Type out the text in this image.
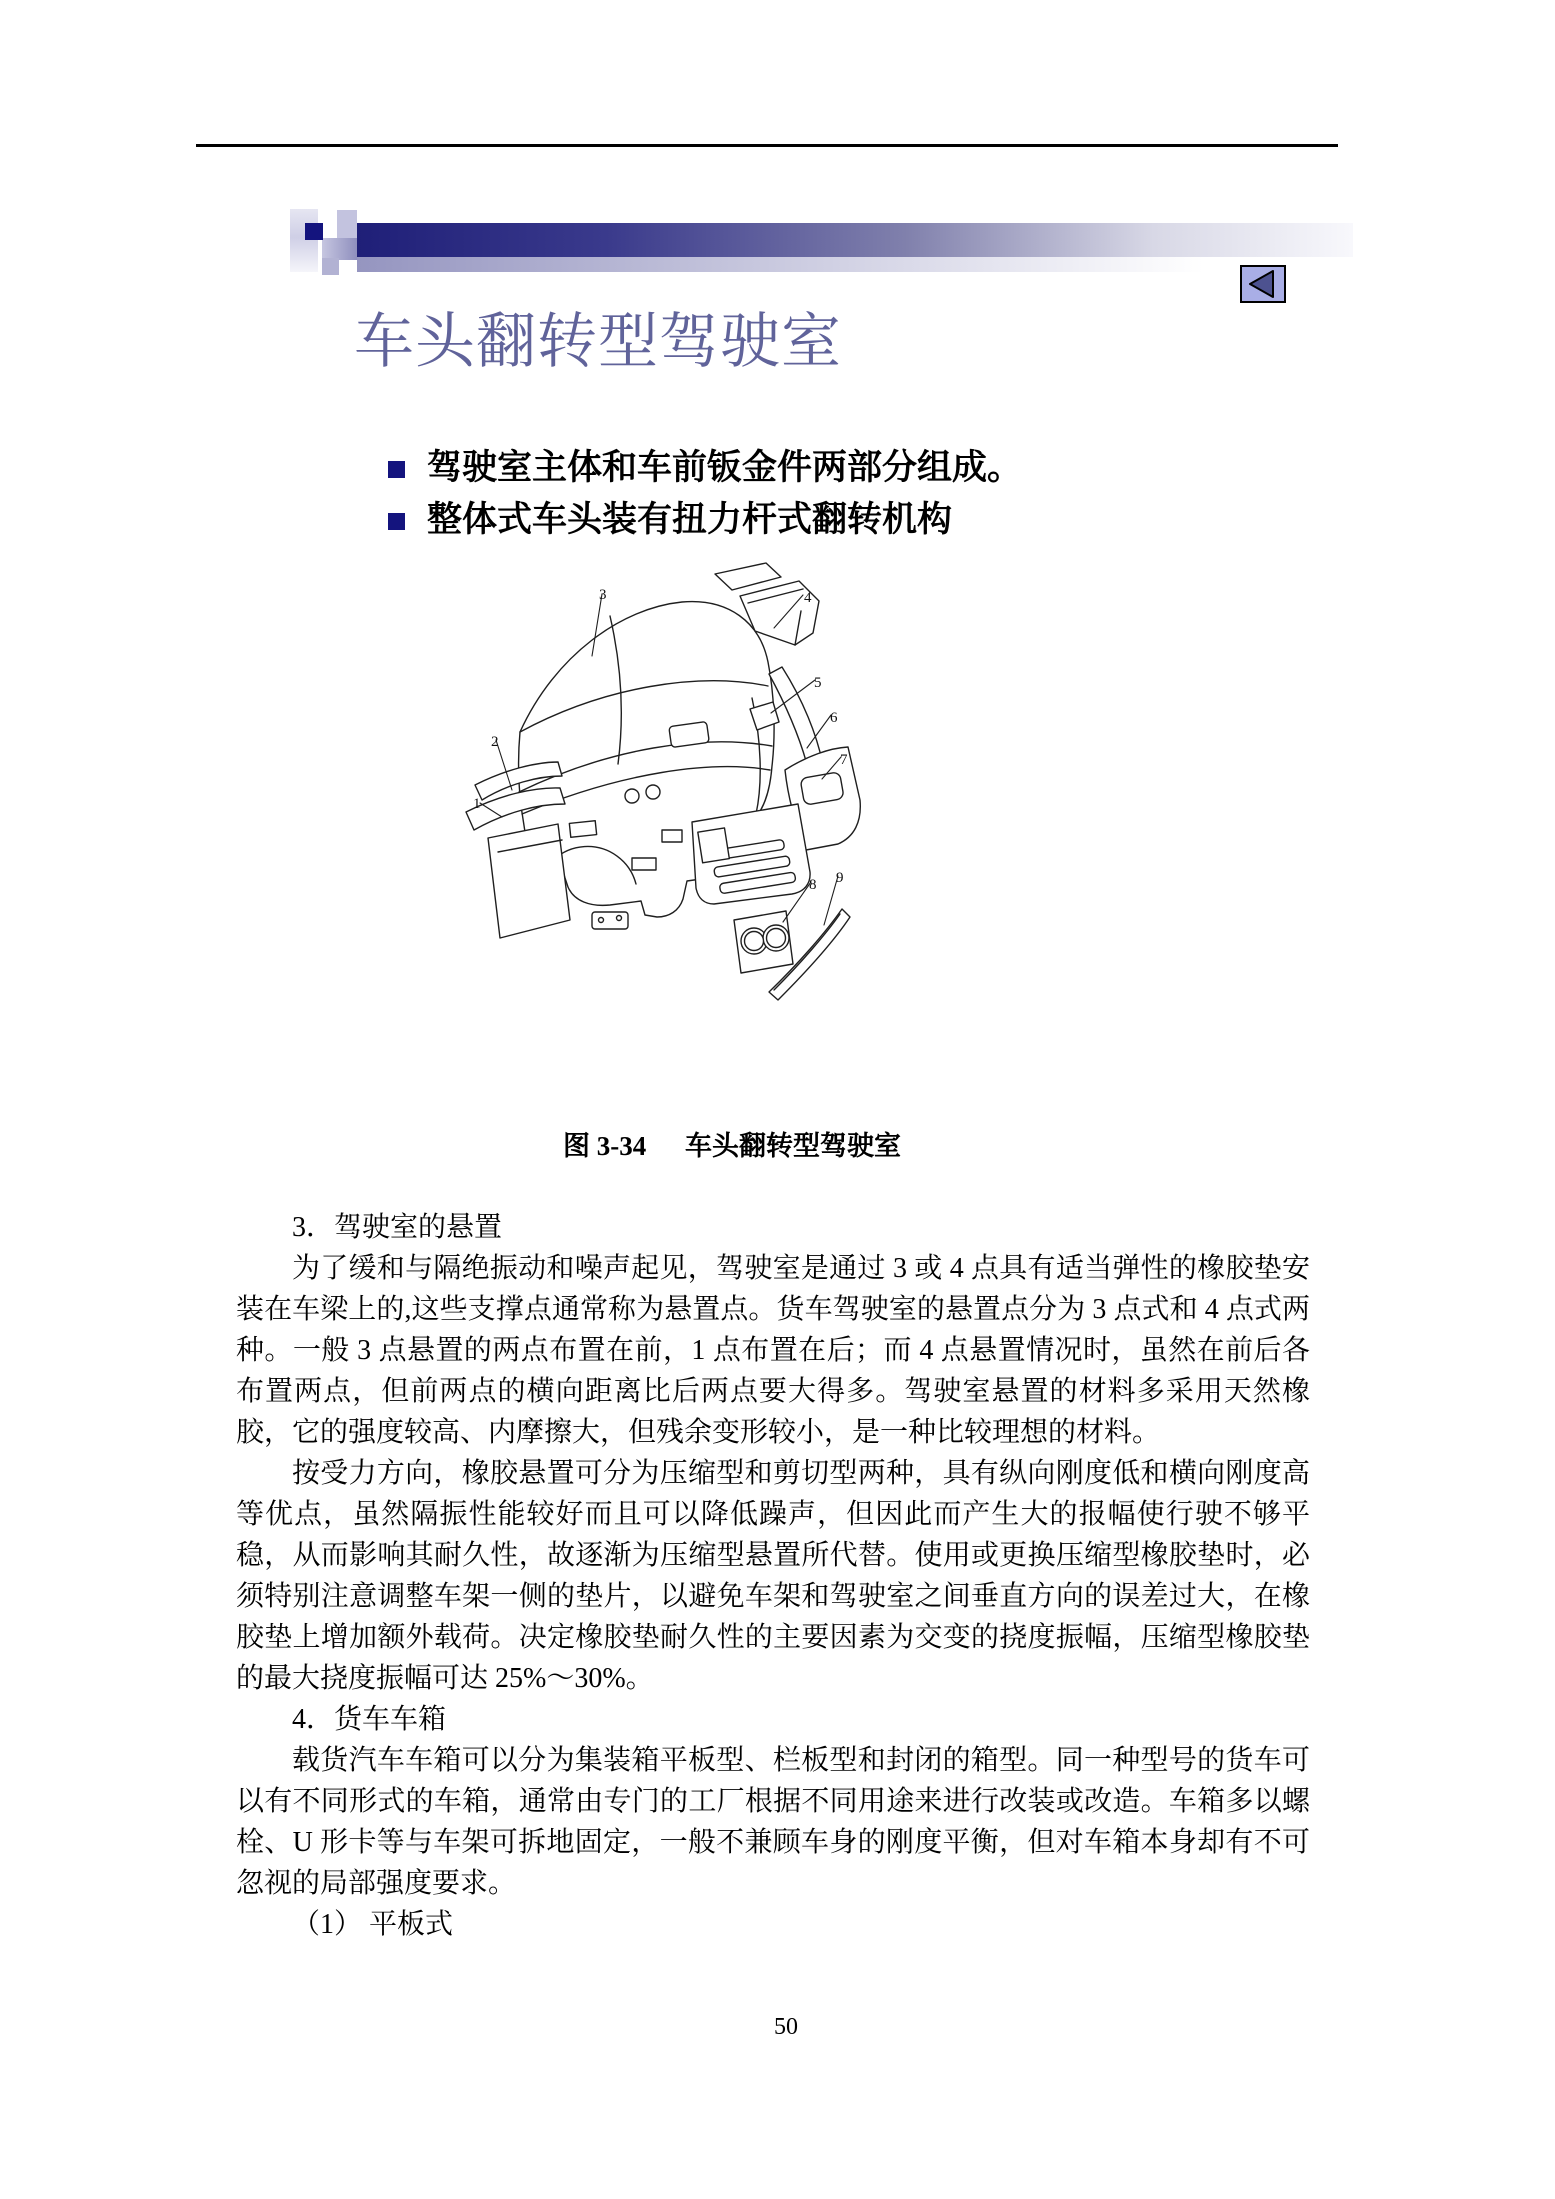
车头翻转型驾驶室
驾驶室主体和车前钣金件两部分组成。
整体式车头装有扭力杆式翻转机构
1
2
3	4
5
6
7
8 9
图 3-34 车头翻转型驾驶室

3．驾驶室的悬置

为了缓和与隔绝振动和噪声起见，驾驶室是通过 3 或 4 点具有适当弹性的橡胶垫安装在车梁上的,这些支撑点通常称为悬置点。货车驾驶室的悬置点分为 3 点式和 4 点式两种。一般 3 点悬置的两点布置在前，1 点布置在后；而 4 点悬置情况时，虽然在前后各布置两点，但前两点的横向距离比后两点要大得多。驾驶室悬置的材料多采用天然橡胶，它的强度较高、内摩擦大，但残余变形较小，是一种比较理想的材料。

按受力方向，橡胶悬置可分为压缩型和剪切型两种，具有纵向刚度低和横向刚度高等优点，虽然隔振性能较好而且可以降低躁声，但因此而产生大的报幅使行驶不够平稳，从而影响其耐久性，故逐渐为压缩型悬置所代替。使用或更换压缩型橡胶垫时，必须特别注意调整车架一侧的垫片，以避免车架和驾驶室之间垂直方向的误差过大，在橡胶垫上增加额外载荷。决定橡胶垫耐久性的主要因素为交变的挠度振幅，压缩型橡胶垫的最大挠度振幅可达 25%～30%。

4．货车车箱

载货汽车车箱可以分为集装箱平板型、栏板型和封闭的箱型。同一种型号的货车可以有不同形式的车箱，通常由专门的工厂根据不同用途来进行改装或改造。车箱多以螺栓、U 形卡等与车架可拆地固定，一般不兼顾车身的刚度平衡，但对车箱本身却有不可忽视的局部强度要求。

（1） 平板式

50
